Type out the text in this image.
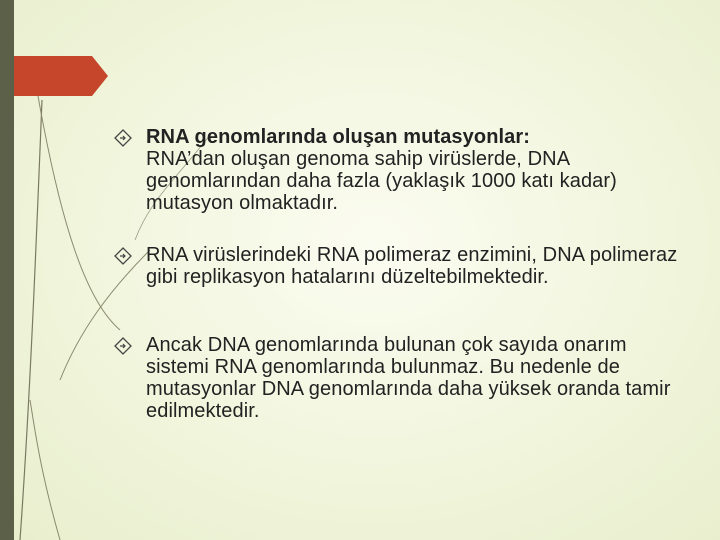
RNA genomlarında oluşan mutasyonlar:
RNA’dan oluşan genoma sahip virüslerde, DNA genomlarından daha fazla (yaklaşık 1000 katı kadar) mutasyon olmaktadır.
RNA virüslerindeki RNA polimeraz enzimini, DNA polimeraz gibi replikasyon hatalarını düzeltebilmektedir.
Ancak DNA genomlarında bulunan çok sayıda onarım sistemi RNA genomlarında bulunmaz. Bu nedenle de mutasyonlar DNA genomlarında daha yüksek oranda tamir edilmektedir.
